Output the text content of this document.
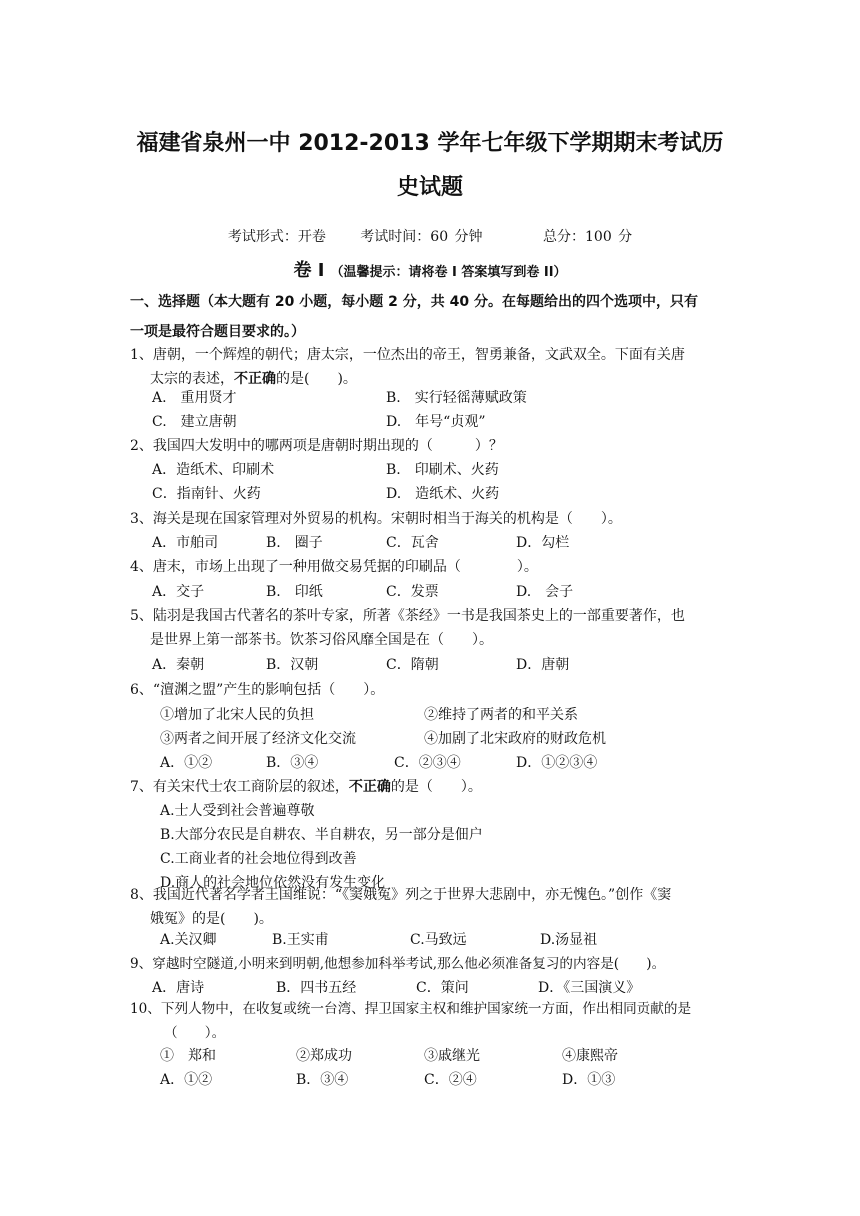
福建省泉州一中 2012-2013 学年七年级下学期期末考试历
史试题
考试形式：开卷 考试时间：60 分钟	总分：100 分
卷 I （温馨提示：请将卷 I 答案填写到卷 II）
一、选择题（本大题有 20 小题，每小题 2 分，共 40 分。在每题给出的四个选项中，只有
一项是最符合题目要求的。）
1、唐朝，一个辉煌的朝代；唐太宗，一位杰出的帝王，智勇兼备，文武双全。下面有关唐
太宗的表述，不正确的是(　　)。
A.　重用贤才	B.　实行轻徭薄赋政策
C.　建立唐朝	D.　年号“贞观”
2、我国四大发明中的哪两项是唐朝时期出现的（　　　）？
A．造纸术、印刷术	B.　印刷术、火药
C．指南针、火药	D.　造纸术、火药
3、海关是现在国家管理对外贸易的机构。宋朝时相当于海关的机构是（　　）。
A．市舶司	B.　圈子	C．瓦舍	D．勾栏
4、唐末，市场上出现了一种用做交易凭据的印刷品（　　　　）。
A．交子	B.　印纸	C．发票	D.　会子
5、陆羽是我国古代著名的茶叶专家，所著《茶经》一书是我国茶史上的一部重要著作，也
是世界上第一部茶书。饮茶习俗风靡全国是在（　　）。
A．秦朝	B．汉朝	C．隋朝	D．唐朝
6、“澶渊之盟”产生的影响包括（　　）。
①增加了北宋人民的负担	②维持了两者的和平关系
③两者之间开展了经济文化交流	④加剧了北宋政府的财政危机
A．①②	B．③④	C．②③④	D．①②③④
7、有关宋代士农工商阶层的叙述，不正确的是（　　）。
A.士人受到社会普遍尊敬
B.大部分农民是自耕农、半自耕农，另一部分是佃户
C.工商业者的社会地位得到改善
D.商人的社会地位依然没有发生变化
8、我国近代著名学者王国维说：“《窦娥冤》列之于世界大悲剧中，亦无愧色。”创作《窦
娥冤》的是(　　)。
A.关汉卿	B.王实甫	C.马致远	D.汤显祖
9、穿越时空隧道,小明来到明朝,他想参加科举考试,那么他必须准备复习的内容是(　　)。
A．唐诗	B．四书五经	C．策问	D．《三国演义》
10、下列人物中，在收复或统一台湾、捍卫国家主权和维护国家统一方面，作出相同贡献的是
（　　）。
①　郑和	②郑成功	③戚继光	④康熙帝
A．①②	B．③④	C．②④	D．①③
